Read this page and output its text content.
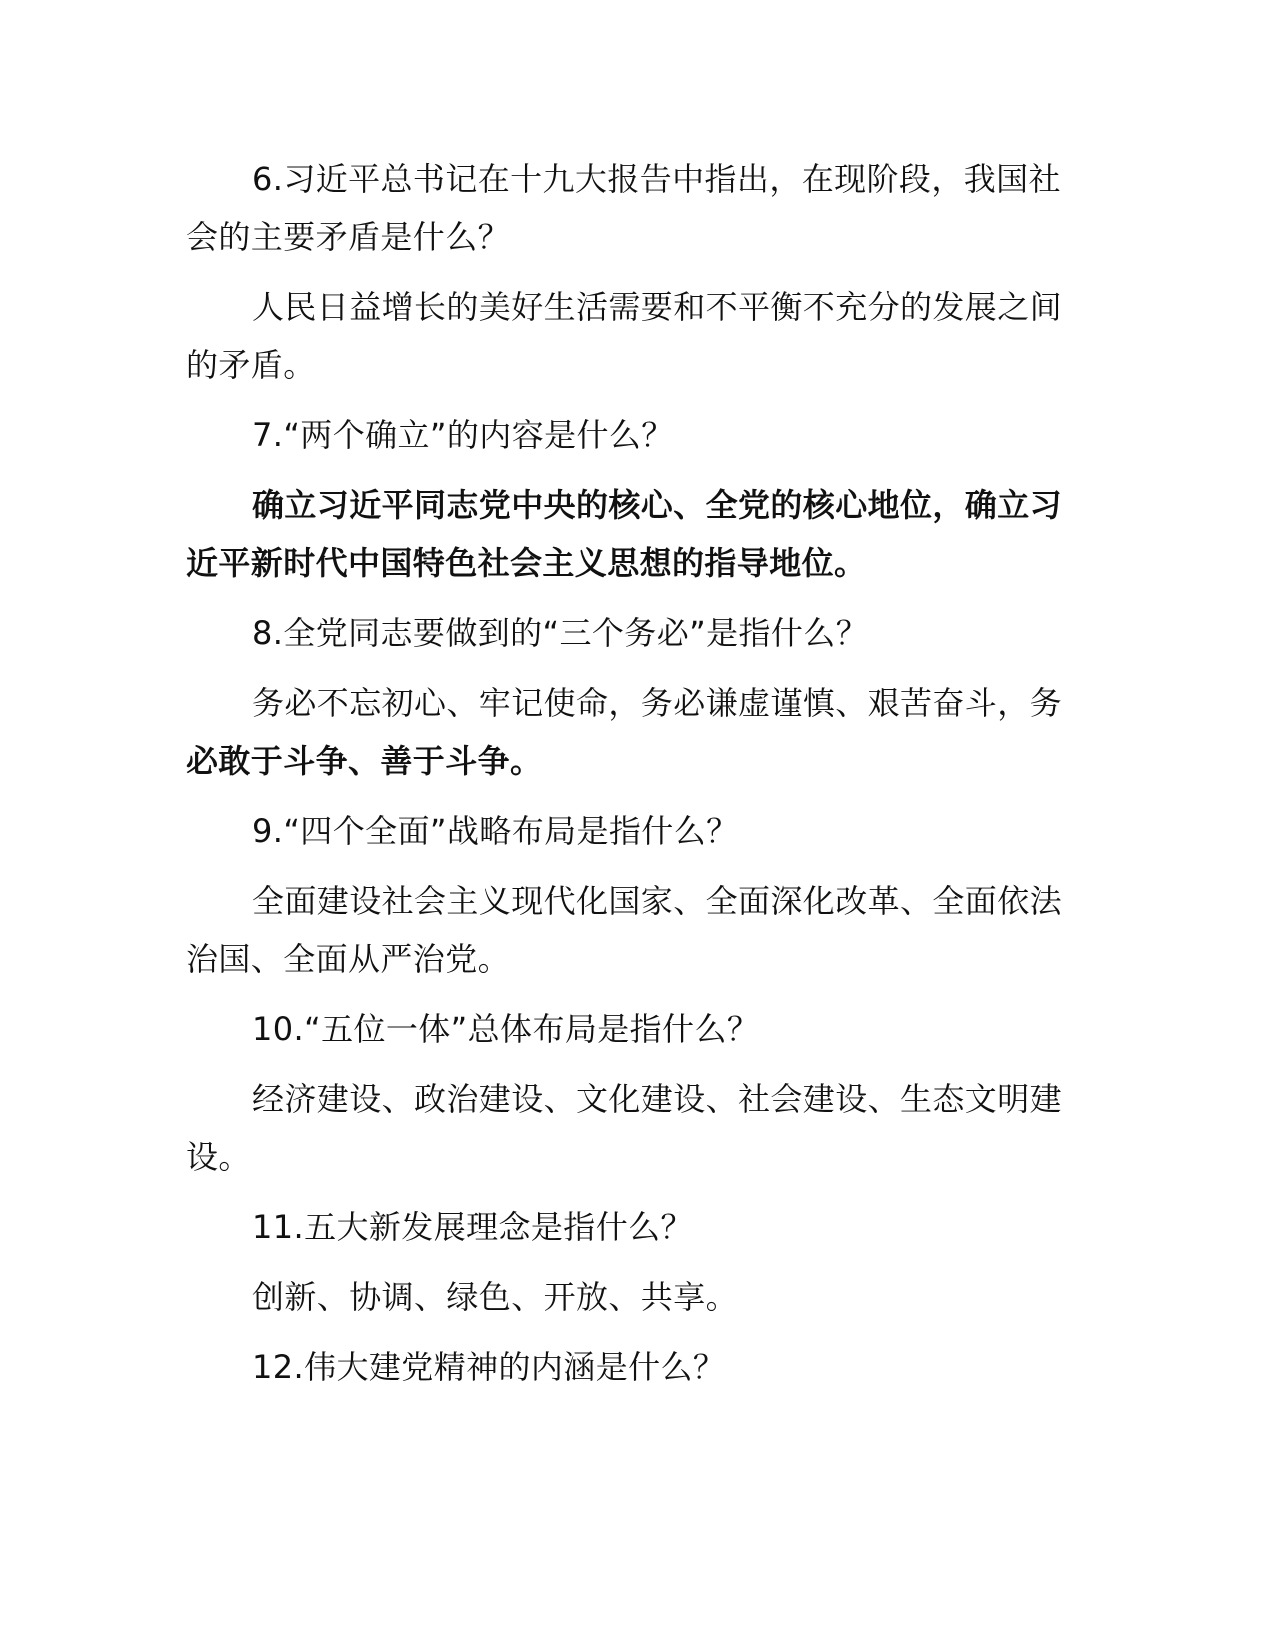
6.习近平总书记在十九大报告中指出，在现阶段，我国社会的主要矛盾是什么？

人民日益增长的美好生活需要和不平衡不充分的发展之间的矛盾。

7.“两个确立”的内容是什么？

确立习近平同志党中央的核心、全党的核心地位，确立习近平新时代中国特色社会主义思想的指导地位。

8.全党同志要做到的“三个务必”是指什么？

务必不忘初心、牢记使命，务必谦虚谨慎、艰苦奋斗，务必敢于斗争、善于斗争。

9.“四个全面”战略布局是指什么？

全面建设社会主义现代化国家、全面深化改革、全面依法治国、全面从严治党。

10.“五位一体”总体布局是指什么？

经济建设、政治建设、文化建设、社会建设、生态文明建设。

11.五大新发展理念是指什么？

创新、协调、绿色、开放、共享。

12.伟大建党精神的内涵是什么？
